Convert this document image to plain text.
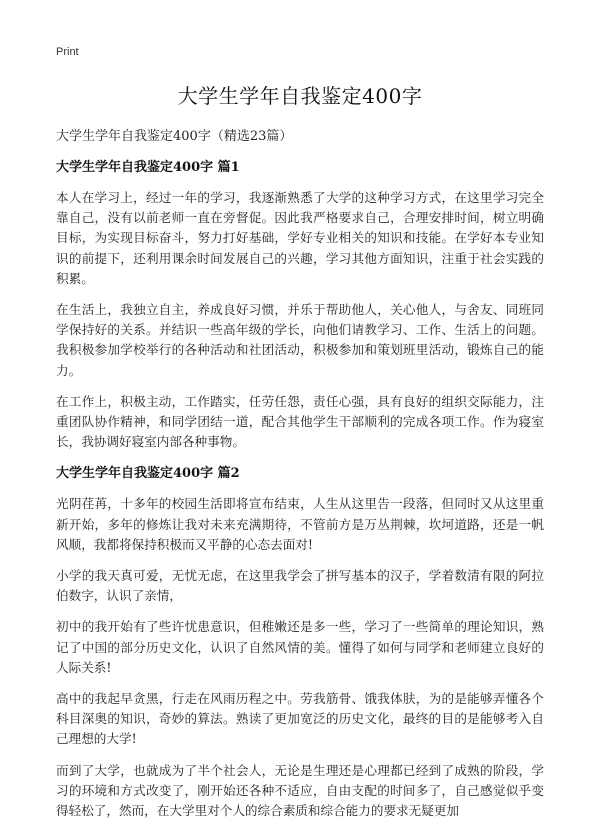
Print
大学生学年自我鉴定400字

大学生学年自我鉴定400字（精选23篇）

大学生学年自我鉴定400字 篇1

本人在学习上，经过一年的学习，我逐渐熟悉了大学的这种学习方式，在这里学习完全靠自己，没有以前老师一直在旁督促。因此我严格要求自己，合理安排时间，树立明确目标，为实现目标奋斗，努力打好基础，学好专业相关的知识和技能。在学好本专业知识的前提下，还利用课余时间发展自己的兴趣，学习其他方面知识，注重于社会实践的积累。

在生活上，我独立自主，养成良好习惯，并乐于帮助他人，关心他人，与舍友、同班同学保持好的关系。并结识一些高年级的学长，向他们请教学习、工作、生活上的问题。我积极参加学校举行的各种活动和社团活动，积极参加和策划班里活动，锻炼自己的能力。

在工作上，积极主动，工作踏实，任劳任怨，责任心强，具有良好的组织交际能力，注重团队协作精神，和同学团结一道，配合其他学生干部顺利的完成各项工作。作为寝室长，我协调好寝室内部各种事物。

大学生学年自我鉴定400字 篇2

光阴荏苒，十多年的校园生活即将宣布结束，人生从这里告一段落，但同时又从这里重新开始，多年的修炼让我对未来充满期待，不管前方是万丛荆棘，坎坷道路，还是一帆风顺，我都将保持积极而又平静的心态去面对!

小学的我天真可爱，无忧无虑，在这里我学会了拼写基本的汉子，学着数清有限的阿拉伯数字，认识了亲情，

初中的我开始有了些许忧患意识，但稚嫩还是多一些，学习了一些简单的理论知识，熟记了中国的部分历史文化，认识了自然风情的美。懂得了如何与同学和老师建立良好的人际关系!

高中的我起早贪黑，行走在风雨历程之中。劳我筋骨、饿我体肤，为的是能够弄懂各个科目深奥的知识，奇妙的算法。熟读了更加宽泛的历史文化，最终的目的是能够考入自己理想的大学!

而到了大学，也就成为了半个社会人，无论是生理还是心理都已经到了成熟的阶段，学习的环境和方式改变了，刚开始还各种不适应，自由支配的时间多了，自己感觉似乎变得轻松了，然而，在大学里对个人的综合素质和综合能力的要求无疑更加
